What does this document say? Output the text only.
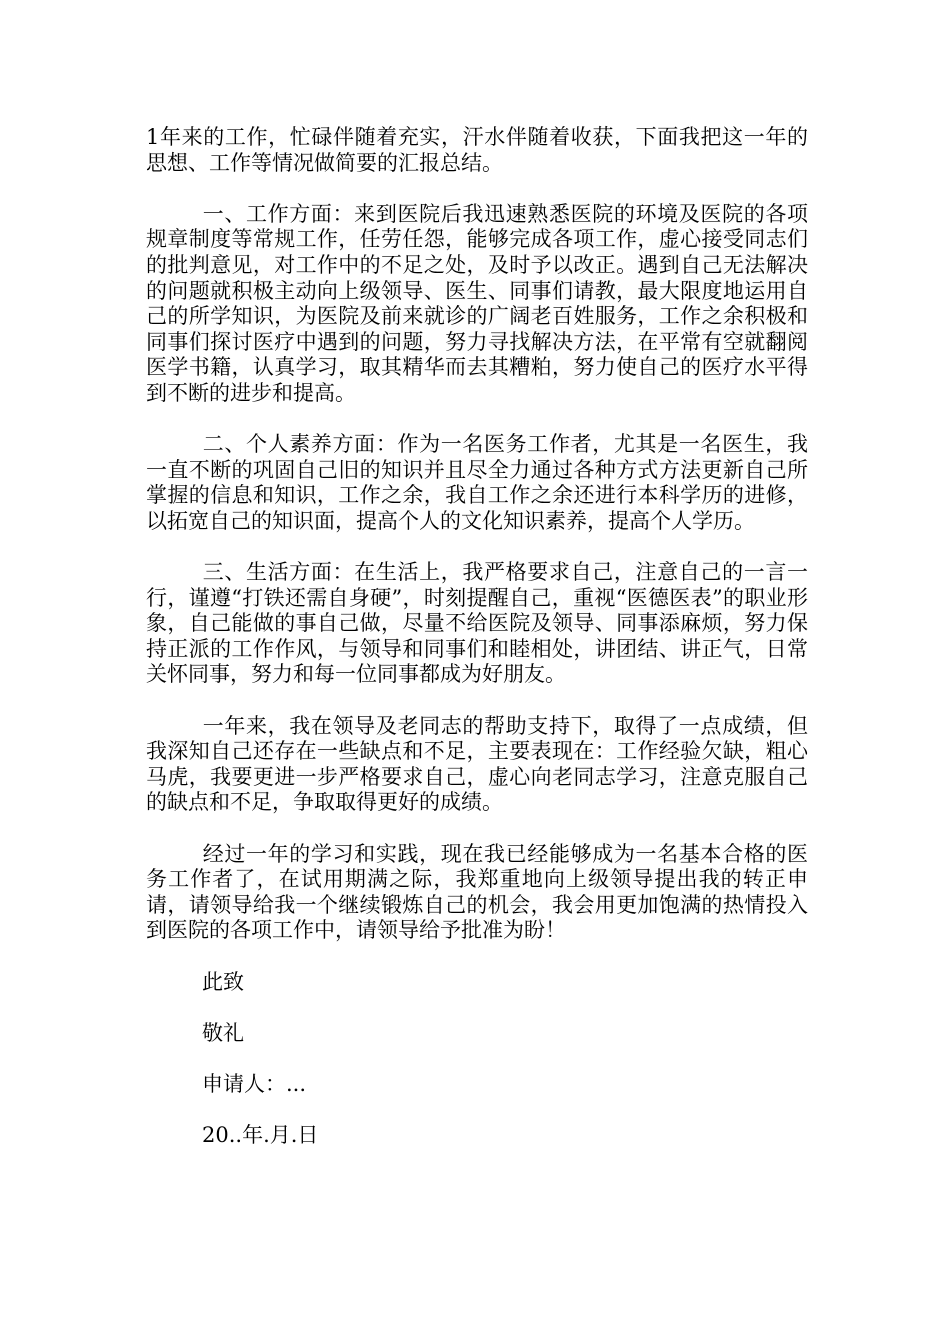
1年来的工作，忙碌伴随着充实，汗水伴随着收获，下面我把这一年的思想、工作等情况做简要的汇报总结。

一、工作方面：来到医院后我迅速熟悉医院的环境及医院的各项规章制度等常规工作，任劳任怨，能够完成各项工作，虚心接受同志们的批判意见，对工作中的不足之处，及时予以改正。遇到自己无法解决的问题就积极主动向上级领导、医生、同事们请教，最大限度地运用自己的所学知识，为医院及前来就诊的广阔老百姓服务，工作之余积极和同事们探讨医疗中遇到的问题，努力寻找解决方法，在平常有空就翻阅医学书籍，认真学习，取其精华而去其糟粕，努力使自己的医疗水平得到不断的进步和提高。

二、个人素养方面：作为一名医务工作者，尤其是一名医生，我一直不断的巩固自己旧的知识并且尽全力通过各种方式方法更新自己所掌握的信息和知识，工作之余，我自工作之余还进行本科学历的进修，以拓宽自己的知识面，提高个人的文化知识素养，提高个人学历。

三、生活方面：在生活上，我严格要求自己，注意自己的一言一行，谨遵“打铁还需自身硬”，时刻提醒自己，重视“医德医表”的职业形象，自己能做的事自己做，尽量不给医院及领导、同事添麻烦，努力保持正派的工作作风，与领导和同事们和睦相处，讲团结、讲正气，日常关怀同事，努力和每一位同事都成为好朋友。

一年来，我在领导及老同志的帮助支持下，取得了一点成绩，但我深知自己还存在一些缺点和不足，主要表现在：工作经验欠缺，粗心马虎，我要更进一步严格要求自己，虚心向老同志学习，注意克服自己的缺点和不足，争取取得更好的成绩。

经过一年的学习和实践，现在我已经能够成为一名基本合格的医务工作者了，在试用期满之际，我郑重地向上级领导提出我的转正申请，请领导给我一个继续锻炼自己的机会，我会用更加饱满的热情投入到医院的各项工作中，请领导给予批准为盼！

此致
敬礼
申请人：...
20..年.月.日
